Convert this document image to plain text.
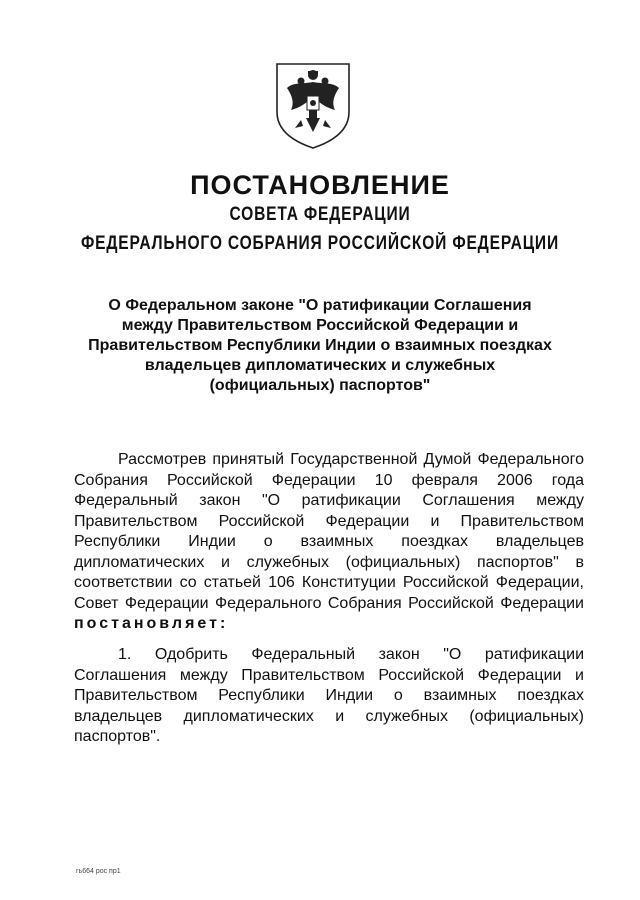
ПОСТАНОВЛЕНИЕ
СОВЕТА ФЕДЕРАЦИИ
ФЕДЕРАЛЬНОГО СОБРАНИЯ РОССИЙСКОЙ ФЕДЕРАЦИИ

О Федеральном законе "О ратификации Соглашения
между Правительством Российской Федерации и
Правительством Республики Индии о взаимных поездках
владельцев дипломатических и служебных
(официальных) паспортов"

Рассмотрев принятый Государственной Думой Федерального
Собрания Российской Федерации 10 февраля 2006 года
Федеральный закон "О ратификации Соглашения между
Правительством Российской Федерации и Правительством
Республики Индии о взаимных поездках владельцев
дипломатических и служебных (официальных) паспортов" в
соответствии со статьей 106 Конституции Российской Федерации,
Совет Федерации Федерального Собрания Российской Федерации
постановляет:

1. Одобрить Федеральный закон "О ратификации
Соглашения между Правительством Российской Федерации и
Правительством Республики Индии о взаимных поездках
владельцев дипломатических и служебных (официальных)
паспортов".

гь664 рос пр1
